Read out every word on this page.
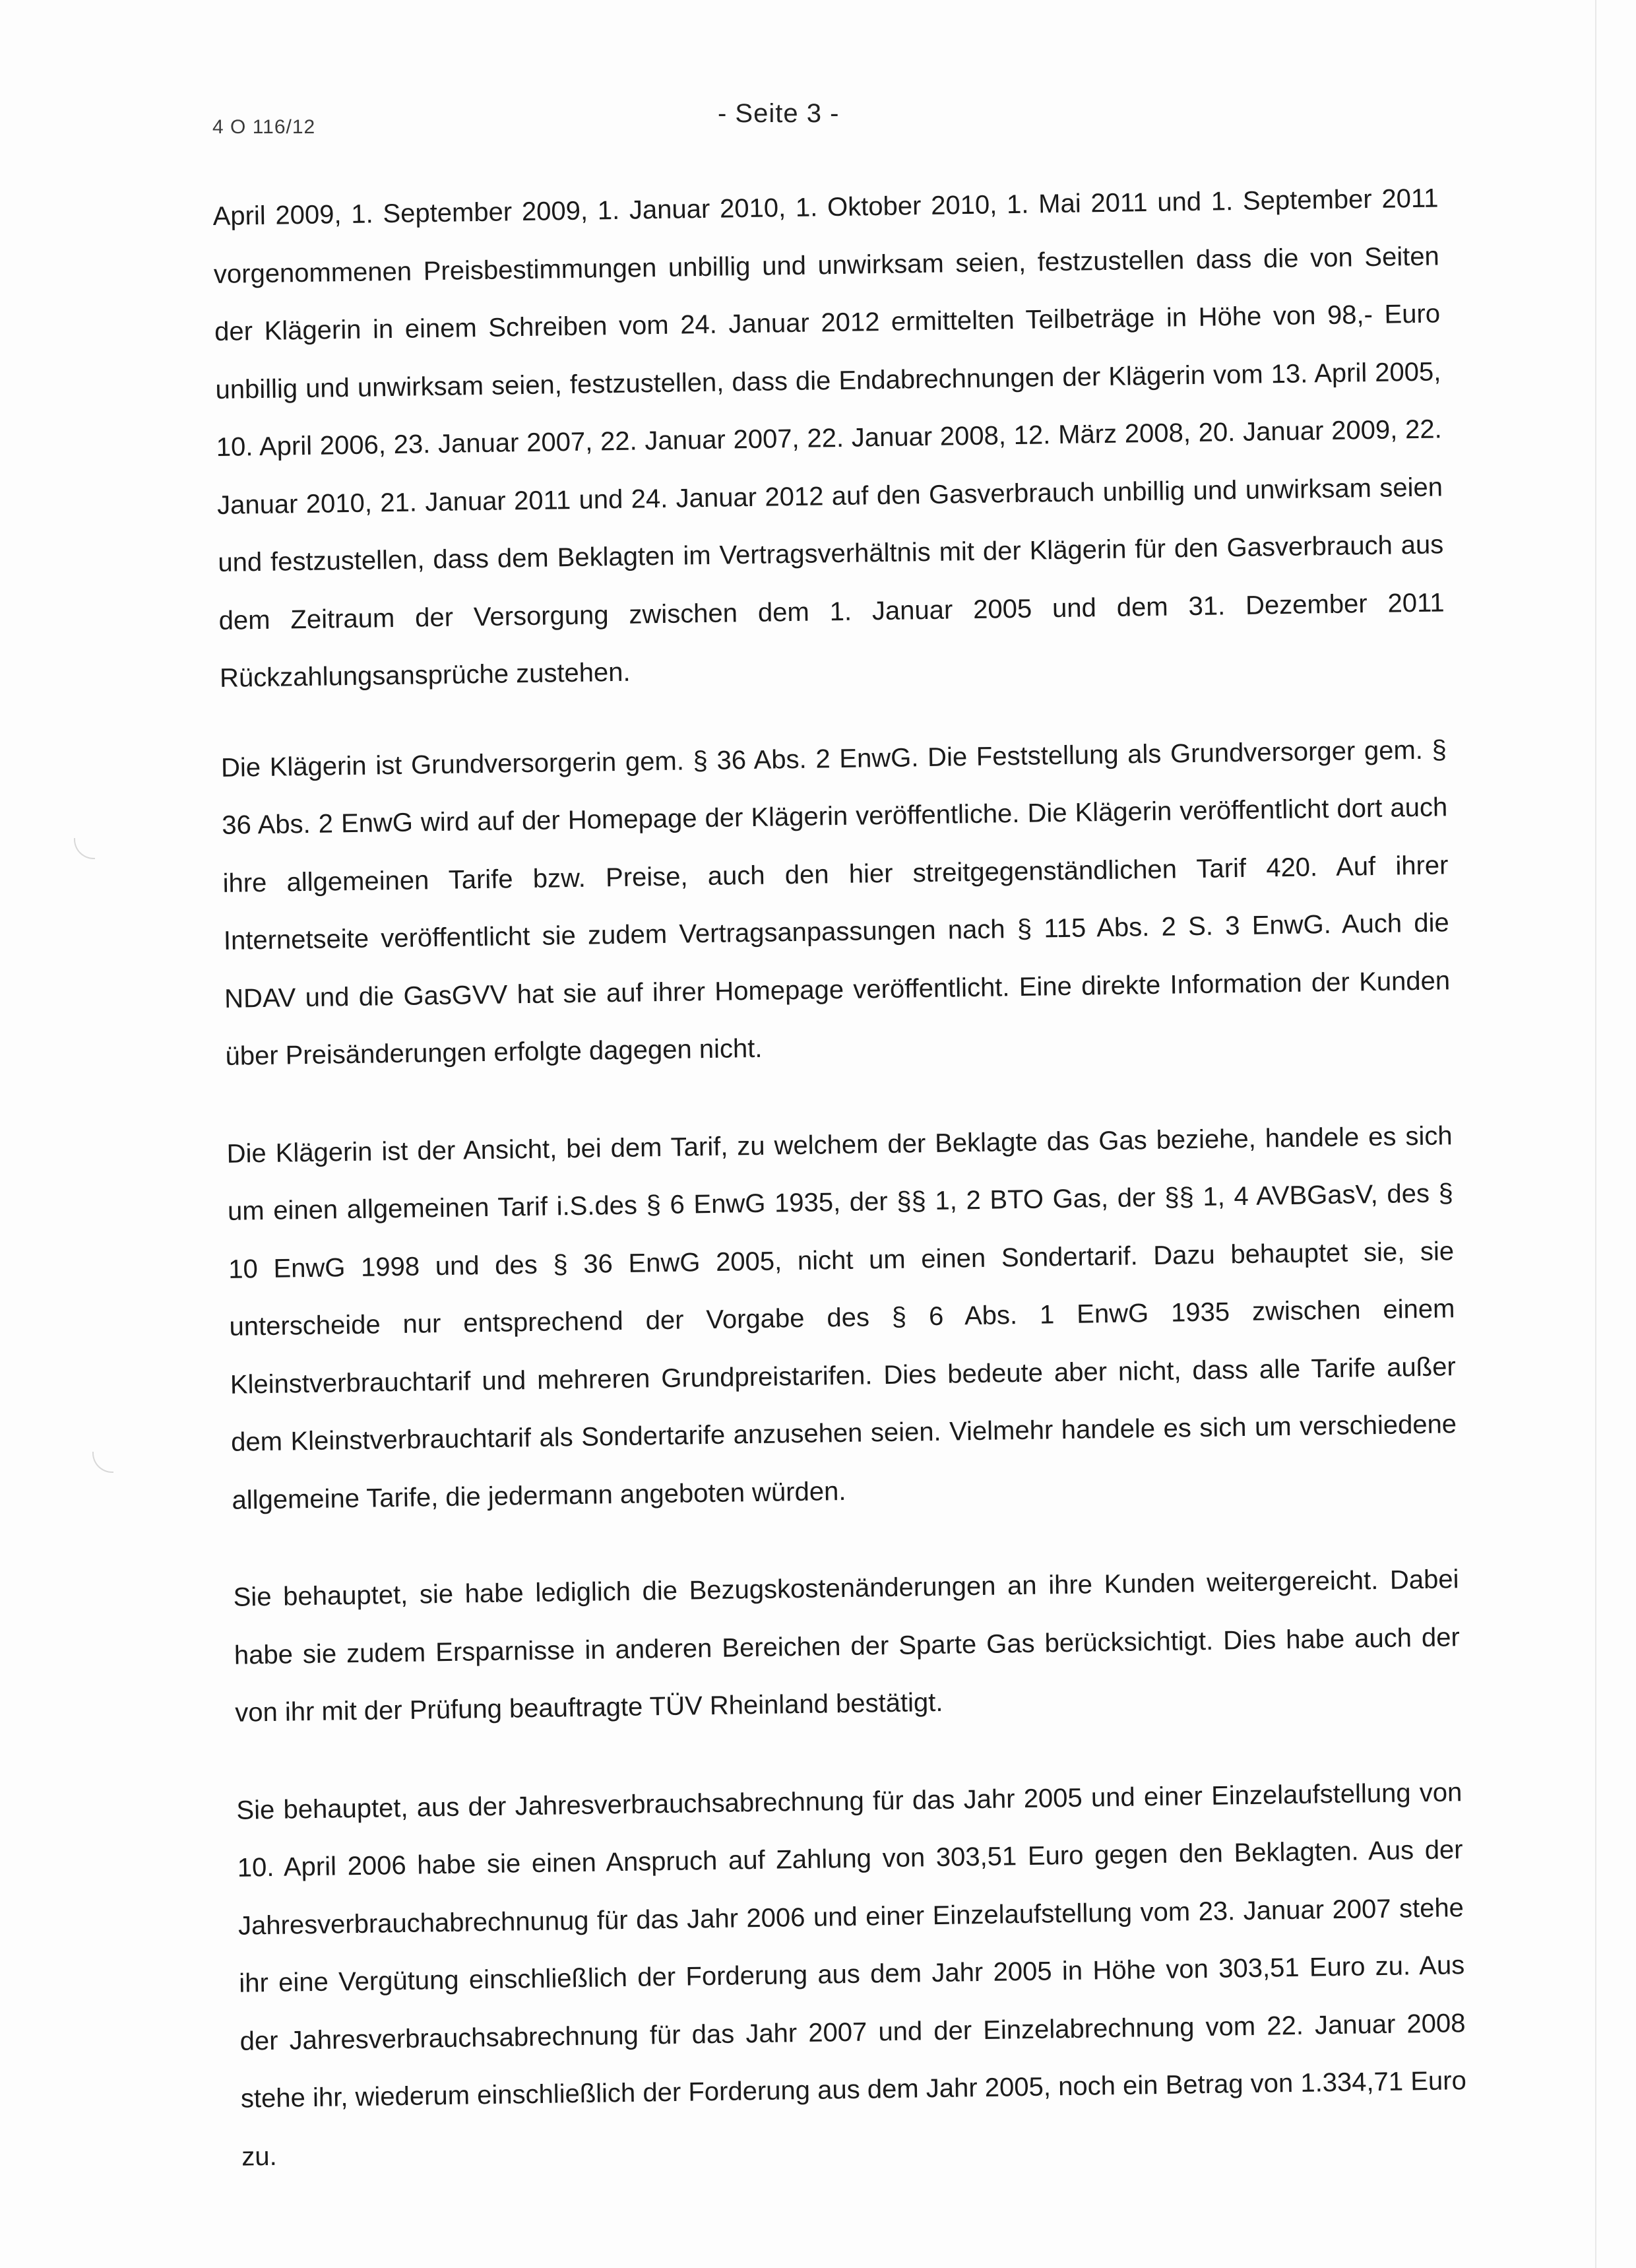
4 O 116/12	- Seite 3 -

April 2009, 1. September 2009, 1. Januar 2010, 1. Oktober 2010, 1. Mai 2011 und 1. September 2011 vorgenommenen Preisbestimmungen unbillig und unwirksam seien, festzustellen dass die von Seiten der Klägerin in einem Schreiben vom 24. Januar 2012 ermittelten Teilbeträge in Höhe von 98,- Euro unbillig und unwirksam seien, festzustellen, dass die Endabrechnungen der Klägerin vom 13. April 2005, 10. April 2006, 23. Januar 2007, 22. Januar 2007, 22. Januar 2008, 12. März 2008, 20. Januar 2009, 22. Januar 2010, 21. Januar 2011 und 24. Januar 2012 auf den Gasverbrauch unbillig und unwirksam seien und festzustellen, dass dem Beklagten im Vertragsverhältnis mit der Klägerin für den Gasverbrauch aus dem Zeitraum der Versorgung zwischen dem 1. Januar 2005 und dem 31. Dezember 2011 Rückzahlungsansprüche zustehen.

Die Klägerin ist Grundversorgerin gem. § 36 Abs. 2 EnwG. Die Feststellung als Grundversorger gem. § 36 Abs. 2 EnwG wird auf der Homepage der Klägerin veröffentliche. Die Klägerin veröffentlicht dort auch ihre allgemeinen Tarife bzw. Preise, auch den hier streitgegenständlichen Tarif 420. Auf ihrer Internetseite veröffentlicht sie zudem Vertragsanpassungen nach § 115 Abs. 2 S. 3 EnwG. Auch die NDAV und die GasGVV hat sie auf ihrer Homepage veröffentlicht. Eine direkte Information der Kunden über Preisänderungen erfolgte dagegen nicht.

Die Klägerin ist der Ansicht, bei dem Tarif, zu welchem der Beklagte das Gas beziehe, handele es sich um einen allgemeinen Tarif i.S.des § 6 EnwG 1935, der §§ 1, 2 BTO Gas, der §§ 1, 4 AVBGasV, des § 10 EnwG 1998 und des § 36 EnwG 2005, nicht um einen Sondertarif. Dazu behauptet sie, sie unterscheide nur entsprechend der Vorgabe des § 6 Abs. 1 EnwG 1935 zwischen einem Kleinstverbrauchtarif und mehreren Grundpreistarifen. Dies bedeute aber nicht, dass alle Tarife außer dem Kleinstverbrauchtarif als Sondertarife anzusehen seien. Vielmehr handele es sich um verschiedene allgemeine Tarife, die jedermann angeboten würden.

Sie behauptet, sie habe lediglich die Bezugskostenänderungen an ihre Kunden weitergereicht. Dabei habe sie zudem Ersparnisse in anderen Bereichen der Sparte Gas berücksichtigt. Dies habe auch der von ihr mit der Prüfung beauftragte TÜV Rheinland bestätigt.

Sie behauptet, aus der Jahresverbrauchsabrechnung für das Jahr 2005 und einer Einzelaufstellung von 10. April 2006 habe sie einen Anspruch auf Zahlung von 303,51 Euro gegen den Beklagten. Aus der Jahresverbrauchabrechnunug für das Jahr 2006 und einer Einzelaufstellung vom 23. Januar 2007 stehe ihr eine Vergütung einschließlich der Forderung aus dem Jahr 2005 in Höhe von 303,51 Euro zu. Aus der Jahresverbrauchsabrechnung für das Jahr 2007 und der Einzelabrechnung vom 22. Januar 2008 stehe ihr, wiederum einschließlich der Forderung aus dem Jahr 2005, noch ein Betrag von 1.334,71 Euro zu.
